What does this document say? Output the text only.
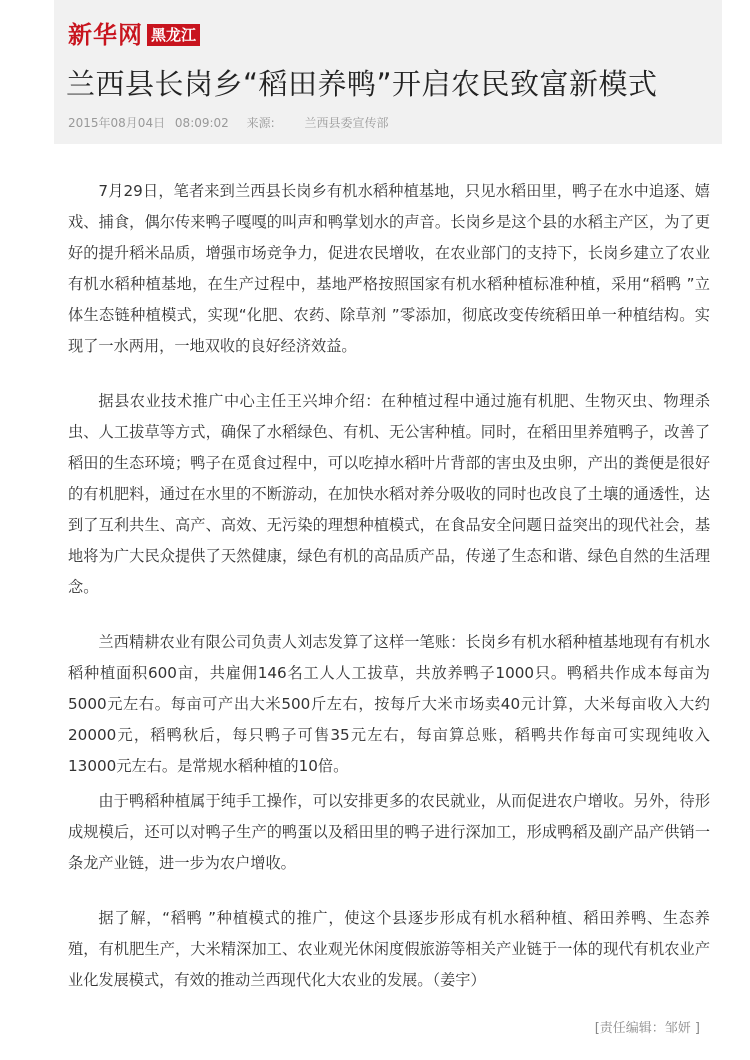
新华网 黑龙江
兰西县长岗乡“稻田养鸭”开启农民致富新模式
2015年08月04日 08:09:02 来源: 兰西县委宣传部

7月29日，笔者来到兰西县长岗乡有机水稻种植基地，只见水稻田里，鸭子在水中追逐、嬉戏、捕食，偶尔传来鸭子嘎嘎的叫声和鸭掌划水的声音。长岗乡是这个县的水稻主产区，为了更好的提升稻米品质，增强市场竞争力，促进农民增收，在农业部门的支持下，长岗乡建立了农业有机水稻种植基地，在生产过程中，基地严格按照国家有机水稻种植标准种植，采用“稻鸭 ”立体生态链种植模式，实现“化肥、农药、除草剂 ”零添加，彻底改变传统稻田单一种植结构。实现了一水两用，一地双收的良好经济效益。

据县农业技术推广中心主任王兴坤介绍：在种植过程中通过施有机肥、生物灭虫、物理杀虫、人工拔草等方式，确保了水稻绿色、有机、无公害种植。同时，在稻田里养殖鸭子，改善了稻田的生态环境；鸭子在觅食过程中，可以吃掉水稻叶片背部的害虫及虫卵，产出的粪便是很好的有机肥料，通过在水里的不断游动，在加快水稻对养分吸收的同时也改良了土壤的通透性，达到了互利共生、高产、高效、无污染的理想种植模式，在食品安全问题日益突出的现代社会，基地将为广大民众提供了天然健康，绿色有机的高品质产品，传递了生态和谐、绿色自然的生活理念。

兰西精耕农业有限公司负责人刘志发算了这样一笔账：长岗乡有机水稻种植基地现有有机水稻种植面积600亩，共雇佣146名工人人工拔草，共放养鸭子1000只。鸭稻共作成本每亩为5000元左右。每亩可产出大米500斤左右，按每斤大米市场卖40元计算，大米每亩收入大约20000元，稻鸭秋后，每只鸭子可售35元左右，每亩算总账，稻鸭共作每亩可实现纯收入13000元左右。是常规水稻种植的10倍。

由于鸭稻种植属于纯手工操作，可以安排更多的农民就业，从而促进农户增收。另外，待形成规模后，还可以对鸭子生产的鸭蛋以及稻田里的鸭子进行深加工，形成鸭稻及副产品产供销一条龙产业链，进一步为农户增收。

据了解，“稻鸭 ”种植模式的推广，使这个县逐步形成有机水稻种植、稻田养鸭、生态养殖，有机肥生产，大米精深加工、农业观光休闲度假旅游等相关产业链于一体的现代有机农业产业化发展模式，有效的推动兰西现代化大农业的发展。（姜宇）

[责任编辑：邹妍 ]
